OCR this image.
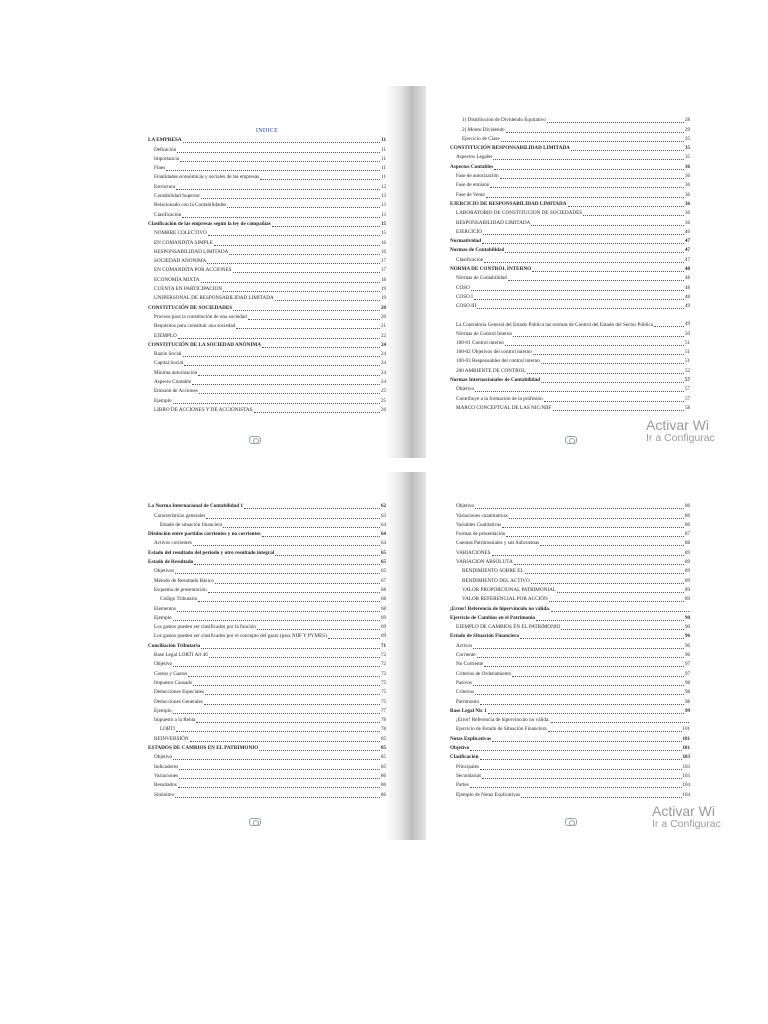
INDICE
LA EMPRESA	11
Definición	11
Importancia	11
Fines	11
Finalidades económicas y sociales de las empresas	11
Estructura	12
Contabilidad Superior	13
Relacionado con la Contabilidades	13
Clasificación	13
Clasificación de las empresas según la ley de compañías	15
NOMBRE COLECTIVO	15
EN COMANDITA SIMPLE	16
RESPONSABILIDAD LIMITADA	16
SOCIEDAD ANONIMA	17
EN COMANDITA POR ACCIONES	17
ECONOMÍA MIXTA	18
CUENTA EN PARTICIPACION	19
UNIPERSONAL DE RESPONSABILIDAD LIMITADA	19
CONSTITUCIÓN DE SOCIEDADES	20
Proceso para la constitución de una sociedad	20
Requisitos para constituir una sociedad	21
EJEMPLO	22
CONSTITUCIÓN DE LA SOCIEDAD ANÓNIMA	24
Razón Social	24
Capital Social	24
Mínima autorización	24
Aspecto Contable	24
Emisión de Acciones	25
Ejemplo	25
LIBRO DE ACCIONES Y DE ACCIONISTAS	26
1) Distribución de Dividendo Equitativo	28
2) Monto Dividendo	29
Ejercicio de Clase	35
CONSTITUCIÓN RESPONSABILIDAD LIMITADA	35
Aspectos Legales	35
Aspectos Contables	36
Fase de autorización	36
Fase de emisión	36
Fase de Venta	36
EJERCICIO DE RESPONSABILIDAD LIMITADA	36
LABORATORIO DE CONSTITUCION DE SOCIEDADES	36
RESPONSABILIDAD LIMITADA	36
EJERCICIO	46
Normatividad	47
Normas de Contabilidad	47
Clasificación	47
NORMA DE CONTROL INTERNO	48
Normas de Contabilidad	48
COSO	48
COSO I	48
COSO III	49
La Contraloría General del Estado Publica las normas de Control del Estado del Sector Pública	49
Normas de Control Interno	50
100-01 Control interno	51
100-02 Objetivos del control interno	51
100-03 Responsables del control interno	51
200 AMBIENTE DE CONTROL	52
Normas Internacionales de Contabilidad	57
Objetivo	57
Contribuye a la formación de la profesión	57
MARCO CONCEPTUAL DE LAS NIC/NIIF	58
Activar Wi
Ir a Configurac
La Norma Internacional de Contabilidad 1	62
Características generales	63
Estado de situación financiera	64
Distinción entre partidas corrientes y no corrientes	64
Activos corrientes	64
Estado del resultado del periodo y otro resultado integral	65
Estado de Resultado	65
Objetivos	65
Método de Resultado Básico	67
Esquema de presentación	68
Código Tributario	68
Elementos	68
Ejemplo	69
Los gastos pueden ser clasificados por la función	69
Los gastos pueden ser clasificados por el concepto del gasto (para NIIF Y PYMES)	69
Conciliación Tributaria	71
Base Legal LORTI Art 46	72
Objetivo	72
Costos y Gastos	72
Impuesto Causado	75
Deducciones Especiales	75
Deducciones Generales	75
Ejemplo	77
Impuesto a la Renta	78
LORTI	78
REINVERSIÓN	85
ESTADOS DE CAMBIOS EN EL PATRIMONIO	85
Objetivo	85
Indicadores	85
Variaciones	86
Resultados	86
Sinónimo	86
Objetivo	86
Variaciones cuantitativas	86
Variables Cualitativas	86
Formas de presentación	87
Cuentas Patrimoniales y sus Subcuentas	88
VARIACIONES	89
VARIACION ABSOLUTA	89
RENDIMIENTO SOBRE EL	89
RENDIMIENTO DEL ACTIVO	89
VALOR PROPORCIONAL PATRIMONIAL	89
VALOR REFERENCIAL POR ACCIÓN	89
¡Error! Referencia de hipervínculo no válida.
Ejercicio de Cambios en el Patrimonio	90
EJEMPLO DE CAMBIOS EN EL PATRIMONIO	90
Estado de Situación Financiera	96
Activos	96
Corriente	96
No Corriente	97
Criterios de Ordenamiento	97
Pasivos	98
Criterios	98
Patrimonio	98
Base Legal Nic 1	99
¡Error! Referencia de hipervínculo no válida.
Ejercicio de Estado de Situación Financiera	101
Notas Explicativas	101
Objetivo	101
Clasificación	103
Principales	103
Secundarias	103
Partes	104
Ejemplo de Notas Explicativas	104
Activar Wi
Ir a Configurac
